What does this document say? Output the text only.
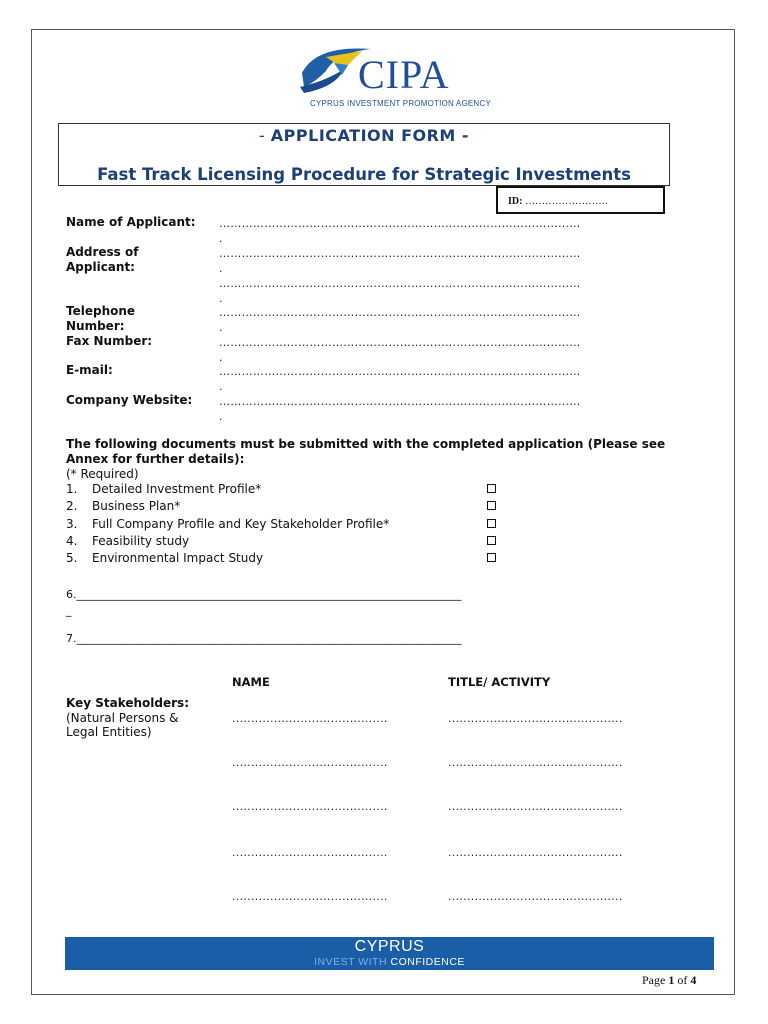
CIPA
CYPRUS INVESTMENT PROMOTION AGENCY
- APPLICATION FORM -
Fast Track Licensing Procedure for Strategic Investments
ID: …………………….
Name of Applicant: ……………………………………………………………………………………
.
Address of Applicant:
……………………………………………………………………………………
.
……………………………………………………………………………………
.
Telephone Number:
……………………………………………………………………………………
.
Fax Number:	……………………………………………………………………………………
.
E-mail:	……………………………………………………………………………………
.
Company Website: ……………………………………………………………………………………
.
The following documents must be submitted with the completed application (Please see
Annex for further details):
(* Required)
1. Detailed Investment Profile*
2. Business Plan*
3. Full Company Profile and Key Stakeholder Profile*
4. Feasibility study
5. Environmental Impact Study
6.______________________________________________________________________
_
7.______________________________________________________________________
NAME	TITLE/ ACTIVITY
Key Stakeholders:
(Natural Persons &
Legal Entities)
.........................................	..............................................
.........................................	..............................................
.........................................	..............................................
.........................................	..............................................
.........................................	..............................................
CYPRUS
INVEST WITH CONFIDENCE
Page 1 of 4
